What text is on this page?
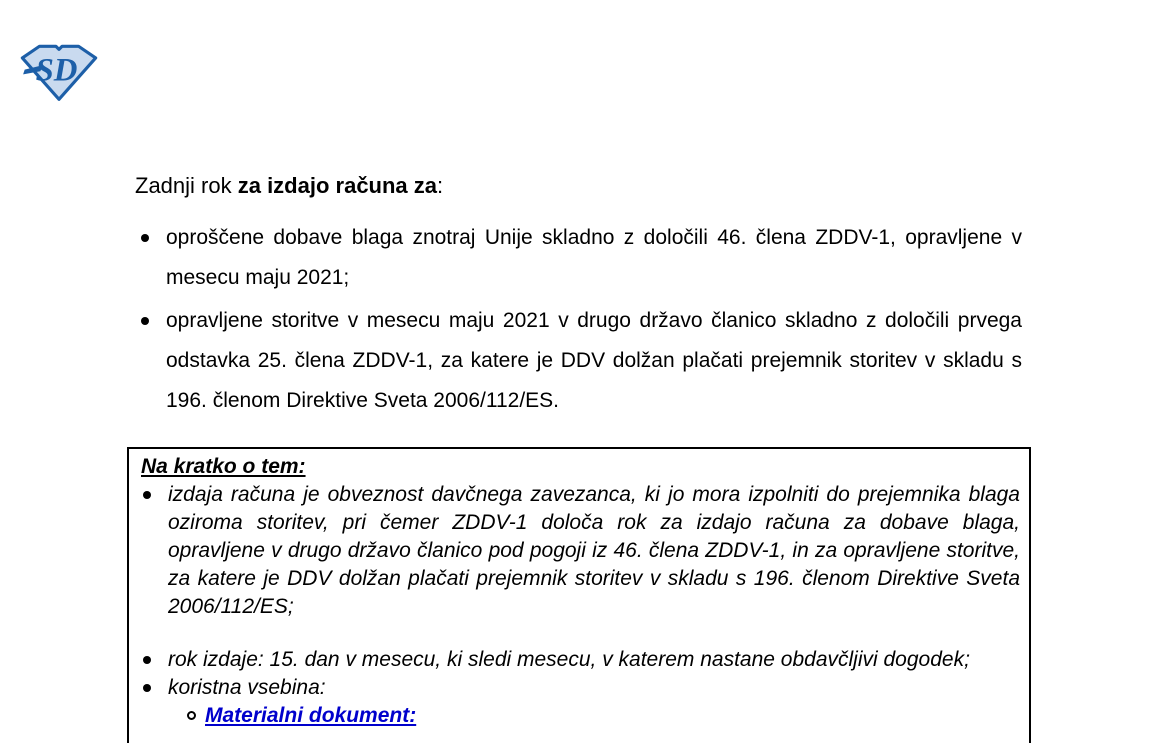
SD
Zadnji rok za izdajo računa za:
oproščene dobave blaga znotraj Unije skladno z določili 46. člena ZDDV-1, opravljene v mesecu maju 2021;
opravljene storitve v mesecu maju 2021 v drugo državo članico skladno z določili prvega odstavka 25. člena ZDDV-1, za katere je DDV dolžan plačati prejemnik storitev v skladu s 196. členom Direktive Sveta 2006/112/ES.
Na kratko o tem:
izdaja računa je obveznost davčnega zavezanca, ki jo mora izpolniti do prejemnika blaga oziroma storitev, pri čemer ZDDV-1 določa rok za izdajo računa za dobave blaga, opravljene v drugo državo članico pod pogoji iz 46. člena ZDDV-1, in za opravljene storitve, za katere je DDV dolžan plačati prejemnik storitev v skladu s 196. členom Direktive Sveta 2006/112/ES;
rok izdaje: 15. dan v mesecu, ki sledi mesecu, v katerem nastane obdavčljivi dogodek;
koristna vsebina:
Materialni dokument:
